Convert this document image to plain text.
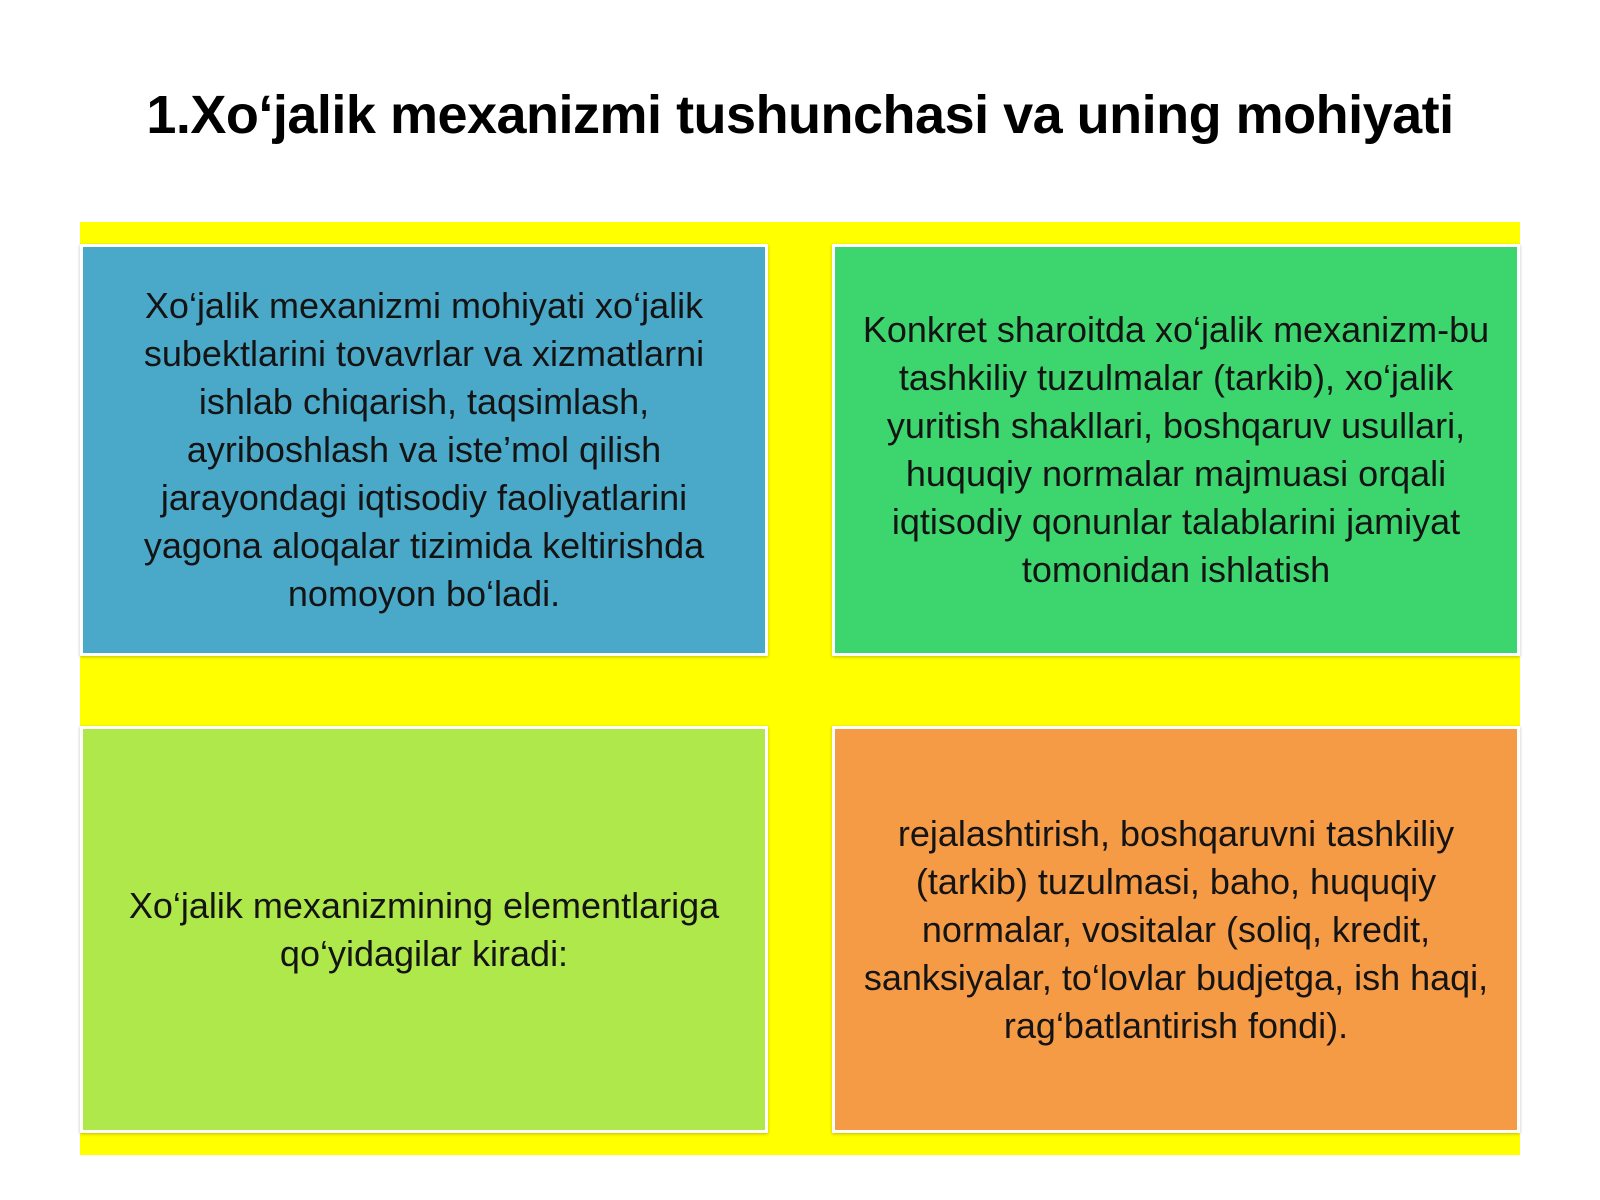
1.Xo‘jalik mexanizmi tushunchasi va uning mohiyati
Xo‘jalik mexanizmi mohiyati xo‘jalik subektlarini tovavrlar va xizmatlarni ishlab chiqarish, taqsimlash, ayriboshlash va iste’mol qilish jarayondagi iqtisodiy faoliyatlarini yagona aloqalar tizimida keltirishda nomoyon bo‘ladi.
Konkret sharoitda xo‘jalik mexanizm-bu tashkiliy tuzulmalar (tarkib), xo‘jalik yuritish shakllari, boshqaruv usullari, huquqiy normalar majmuasi orqali iqtisodiy qonunlar talablarini jamiyat tomonidan ishlatish
Xo‘jalik mexanizmining elementlariga qo‘yidagilar kiradi:
rejalashtirish, boshqaruvni tashkiliy (tarkib) tuzulmasi, baho, huquqiy normalar, vositalar (soliq, kredit, sanksiyalar, to‘lovlar budjetga, ish haqi, rag‘batlantirish fondi).
